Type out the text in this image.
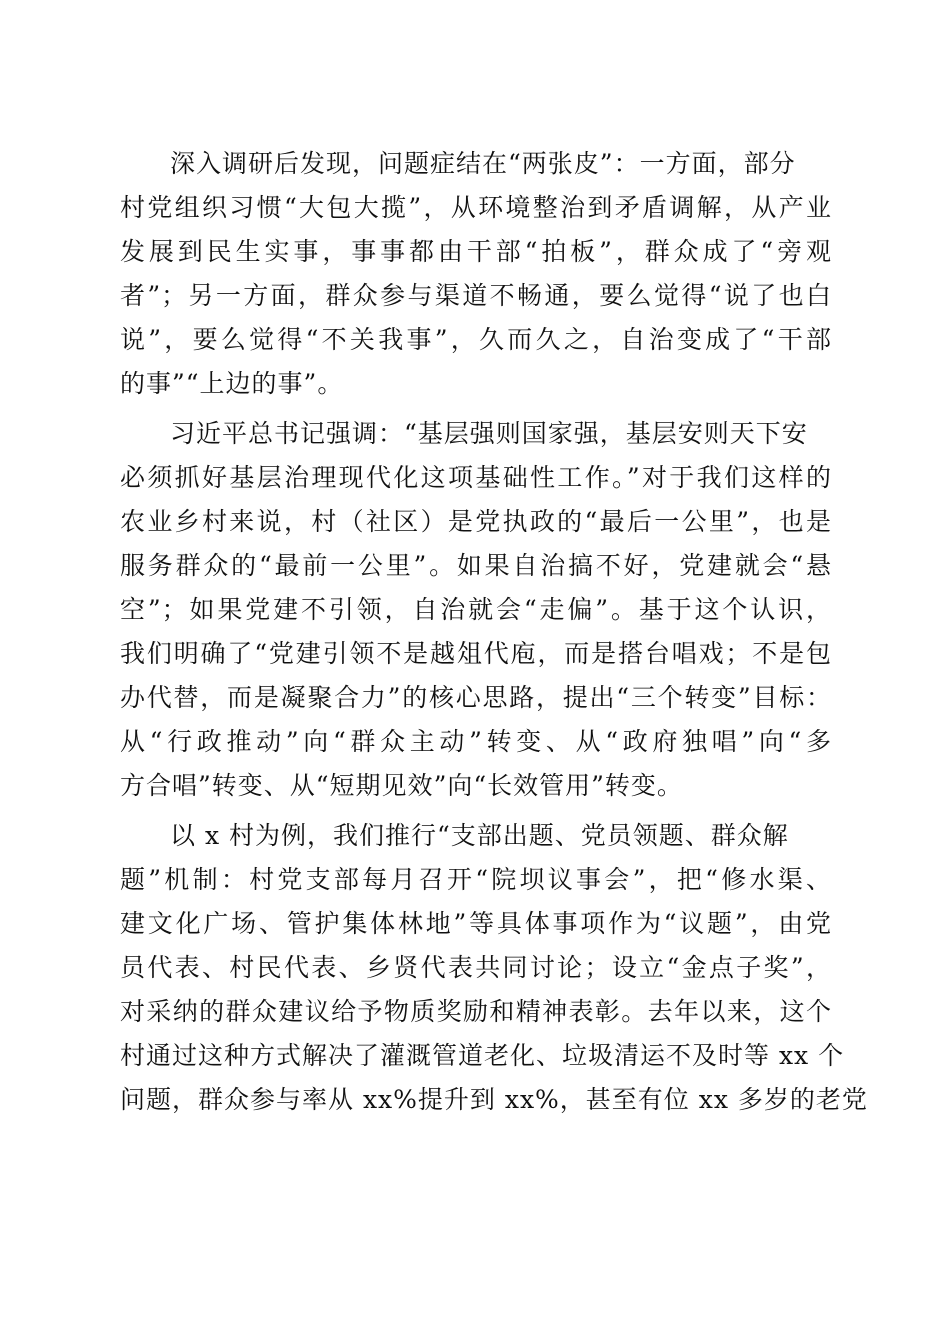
深入调研后发现，问题症结在“两张皮”：一方面，部分
村党组织习惯“大包大揽”，从环境整治到矛盾调解，从产业
发展到民生实事，事事都由干部“拍板”，群众成了“旁观
者”；另一方面，群众参与渠道不畅通，要么觉得“说了也白
说”，要么觉得“不关我事”，久而久之，自治变成了“干部
的事”“上边的事”。
习近平总书记强调：“基层强则国家强，基层安则天下安
必须抓好基层治理现代化这项基础性工作。”对于我们这样的
农业乡村来说，村（社区）是党执政的“最后一公里”，也是
服务群众的“最前一公里”。如果自治搞不好，党建就会“悬
空”；如果党建不引领，自治就会“走偏”。基于这个认识，
我们明确了“党建引领不是越俎代庖，而是搭台唱戏；不是包
办代替，而是凝聚合力”的核心思路，提出“三个转变”目标：
从“行政推动”向“群众主动”转变、从“政府独唱”向“多
方合唱”转变、从“短期见效”向“长效管用”转变。
以 x 村为例，我们推行“支部出题、党员领题、群众解
题”机制：村党支部每月召开“院坝议事会”，把“修水渠、
建文化广场、管护集体林地”等具体事项作为“议题”，由党
员代表、村民代表、乡贤代表共同讨论；设立“金点子奖”，
对采纳的群众建议给予物质奖励和精神表彰。去年以来，这个
村通过这种方式解决了灌溉管道老化、垃圾清运不及时等 xx 个
问题，群众参与率从 xx%提升到 xx%，甚至有位 xx 多岁的老党
